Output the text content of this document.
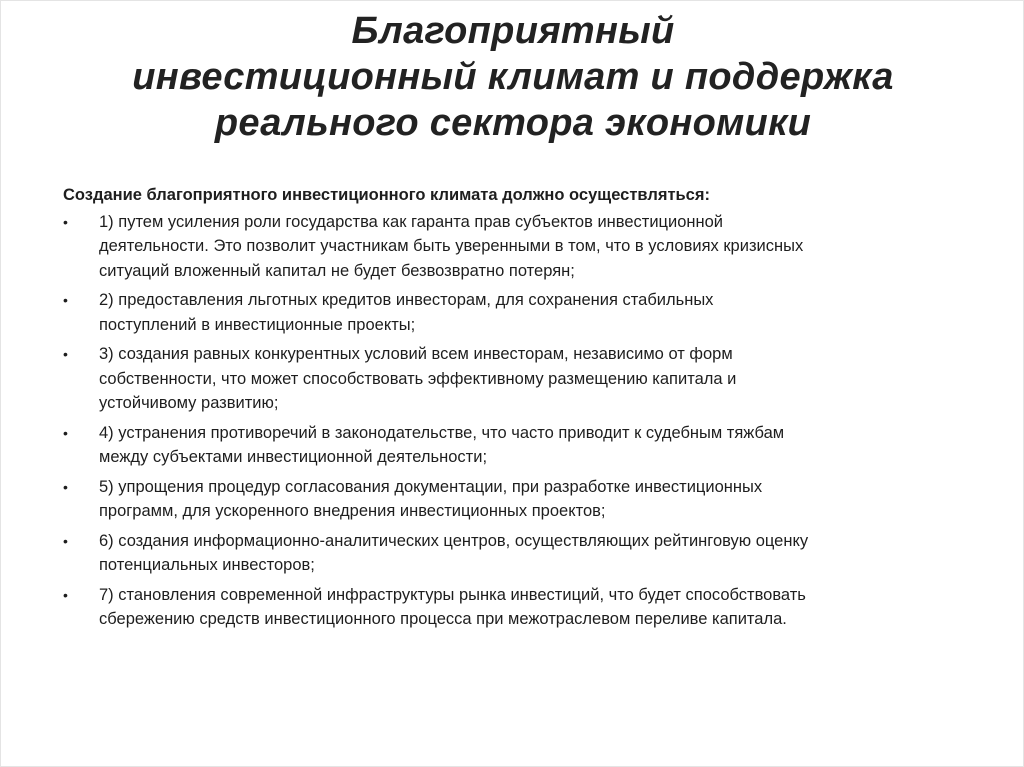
Благоприятный
инвестиционный климат и поддержка
реального сектора экономики

Создание благоприятного инвестиционного климата должно осуществляться:

•	1) путем усиления роли государства как гаранта прав субъектов инвестиционной
деятельности. Это позволит участникам быть уверенными в том, что в условиях кризисных
ситуаций вложенный капитал не будет безвозвратно потерян;
•	2) предоставления льготных кредитов инвесторам, для сохранения стабильных
поступлений в инвестиционные проекты;
•	3) создания равных конкурентных условий всем инвесторам, независимо от форм
собственности, что может способствовать эффективному размещению капитала и
устойчивому развитию;
•	4) устранения противоречий в законодательстве, что часто приводит к судебным тяжбам
между субъектами инвестиционной деятельности;
•	5) упрощения процедур согласования документации, при разработке инвестиционных
программ, для ускоренного внедрения инвестиционных проектов;
•	6) создания информационно-аналитических центров, осуществляющих рейтинговую оценку
потенциальных инвесторов;
•	7) становления современной инфраструктуры рынка инвестиций, что будет способствовать
сбережению средств инвестиционного процесса при межотраслевом переливе капитала.
